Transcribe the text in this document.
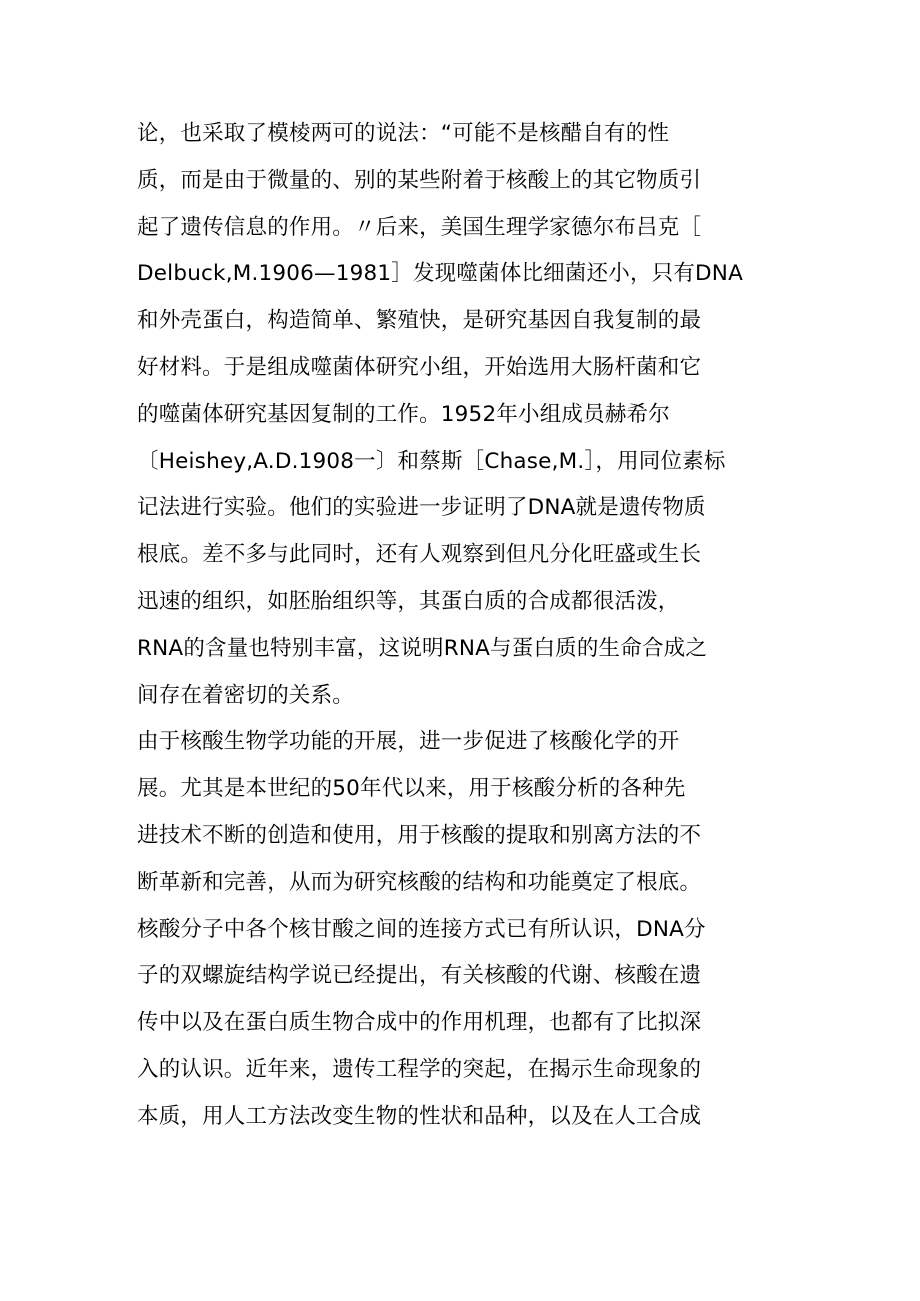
论，也采取了模棱两可的说法：“可能不是核醋自有的性
质，而是由于微量的、别的某些附着于核酸上的其它物质引
起了遗传信息的作用。〃后来，美国生理学家德尔布吕克［
Delbuck,M.1906—1981］发现噬菌体比细菌还小，只有DNA
和外壳蛋白，构造简单、繁殖快，是研究基因自我复制的最
好材料。于是组成噬菌体研究小组，开始选用大肠杆菌和它
的噬菌体研究基因复制的工作。1952年小组成员赫希尔
〔Heishey,A.D.1908一〕和蔡斯［Chase,M.］，用同位素标
记法进行实验。他们的实验进一步证明了DNA就是遗传物质
根底。差不多与此同时，还有人观察到但凡分化旺盛或生长
迅速的组织，如胚胎组织等，其蛋白质的合成都很活泼，
RNA的含量也特别丰富，这说明RNA与蛋白质的生命合成之
间存在着密切的关系。
由于核酸生物学功能的开展，进一步促进了核酸化学的开
展。尤其是本世纪的50年代以来，用于核酸分析的各种先
进技术不断的创造和使用，用于核酸的提取和别离方法的不
断革新和完善，从而为研究核酸的结构和功能奠定了根底。
核酸分子中各个核甘酸之间的连接方式已有所认识，DNA分
子的双螺旋结构学说已经提出，有关核酸的代谢、核酸在遗
传中以及在蛋白质生物合成中的作用机理，也都有了比拟深
入的认识。近年来，遗传工程学的突起，在揭示生命现象的
本质，用人工方法改变生物的性状和品种，以及在人工合成
